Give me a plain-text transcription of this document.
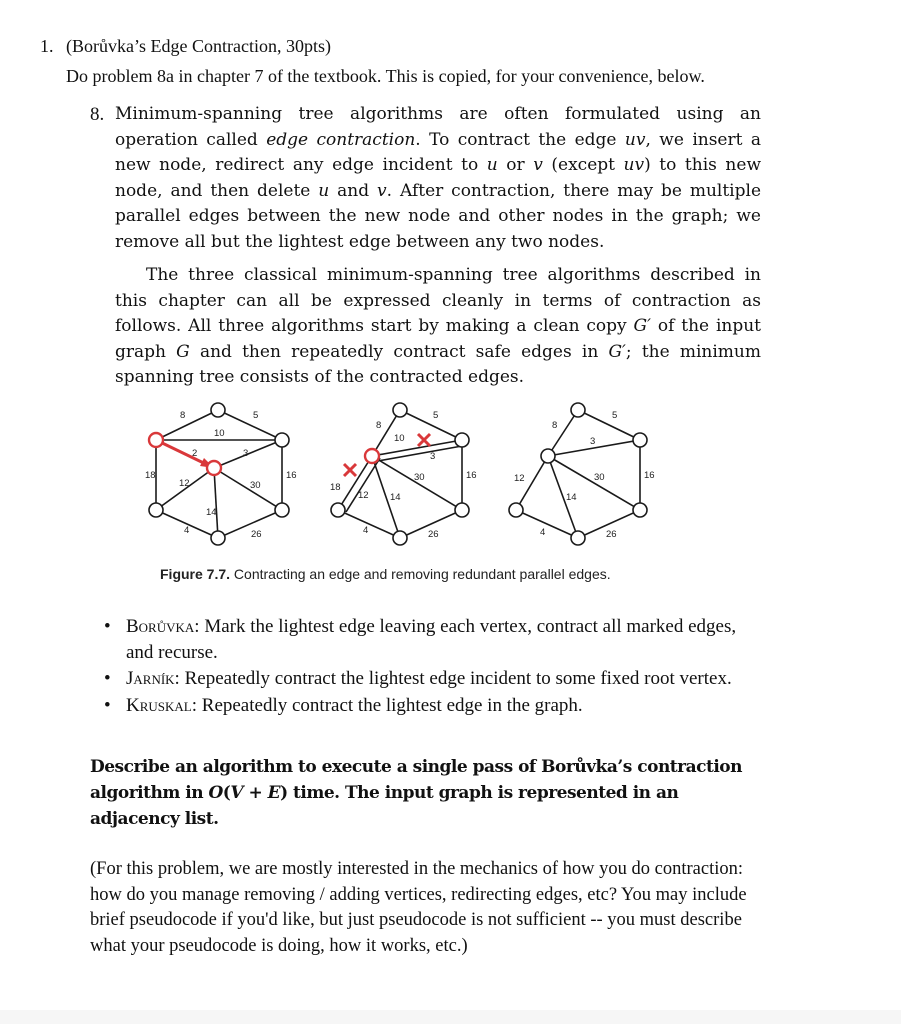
1. (Borůvka’s Edge Contraction, 30pts)
Do problem 8a in chapter 7 of the textbook. This is copied, for your convenience, below.
8. Minimum-spanning tree algorithms are often formulated using an operation called edge contraction. To contract the edge uv, we insert a new node, redirect any edge incident to u or v (except uv) to this new node, and then delete u and v. After contraction, there may be multiple parallel edges between the new node and other nodes in the graph; we remove all but the lightest edge between any two nodes.

The three classical minimum-spanning tree algorithms described in this chapter can all be expressed cleanly in terms of contraction as follows. All three algorithms start by making a clean copy G′ of the input graph G and then repeatedly contract safe edges in G′; the minimum spanning tree consists of the contracted edges.

8	5
10
2	3
18
12	30
16
14
4	26
8
5
10
3
18
12 14
30	16
4	26
8
5
3
12
14
30	16
4	26
Figure 7.7. Contracting an edge and removing redundant parallel edges.
• Borůvka: Mark the lightest edge leaving each vertex, contract all marked edges, and recurse.
• Jarník: Repeatedly contract the lightest edge incident to some fixed root vertex.
• Kruskal: Repeatedly contract the lightest edge in the graph.
Describe an algorithm to execute a single pass of Borůvka’s contraction algorithm in O(V + E) time. The input graph is represented in an adjacency list.
(For this problem, we are mostly interested in the mechanics of how you do contraction: how do you manage removing / adding vertices, redirecting edges, etc? You may include brief pseudocode if you'd like, but just pseudocode is not sufficient -- you must describe what your pseudocode is doing, how it works, etc.)
